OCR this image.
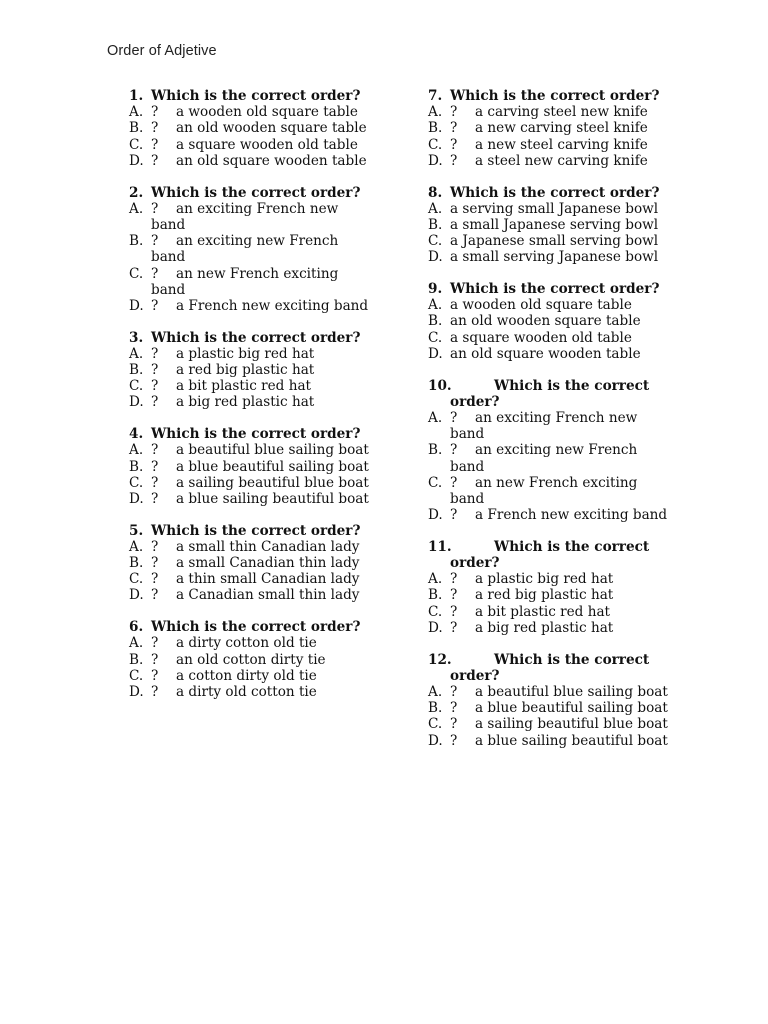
Order of Adjetive
1. Which is the correct order?
A. ? a wooden old square table
B. ? an old wooden square table
C. ? a square wooden old table
D. ? an old square wooden table
2. Which is the correct order?
A. ? an exciting French new band
B. ? an exciting new French band
C. ? an new French exciting band
D. ? a French new exciting band
3. Which is the correct order?
A. ? a plastic big red hat
B. ? a red big plastic hat
C. ? a bit plastic red hat
D. ? a big red plastic hat
4. Which is the correct order?
A. ? a beautiful blue sailing boat
B. ? a blue beautiful sailing boat
C. ? a sailing beautiful blue boat
D. ? a blue sailing beautiful boat
5. Which is the correct order?
A. ? a small thin Canadian lady
B. ? a small Canadian thin lady
C. ? a thin small Canadian lady
D. ? a Canadian small thin lady
6. Which is the correct order?
A. ? a dirty cotton old tie
B. ? an old cotton dirty tie
C. ? a cotton dirty old tie
D. ? a dirty old cotton tie
7. Which is the correct order?
A. ? a carving steel new knife
B. ? a new carving steel knife
C. ? a new steel carving knife
D. ? a steel new carving knife
8. Which is the correct order?
A. a serving small Japanese bowl
B. a small Japanese serving bowl
C. a Japanese small serving bowl
D. a small serving Japanese bowl
9. Which is the correct order?
A. a wooden old square table
B. an old wooden square table
C. a square wooden old table
D. an old square wooden table
10.	Which is the correct
order?
A. ? an exciting French new band
B. ? an exciting new French band
C. ? an new French exciting band
D. ? a French new exciting band
11.	Which is the correct
order?
A. ? a plastic big red hat
B. ? a red big plastic hat
C. ? a bit plastic red hat
D. ? a big red plastic hat
12.	Which is the correct
order?
A. ? a beautiful blue sailing boat
B. ? a blue beautiful sailing boat
C. ? a sailing beautiful blue boat
D. ? a blue sailing beautiful boat
